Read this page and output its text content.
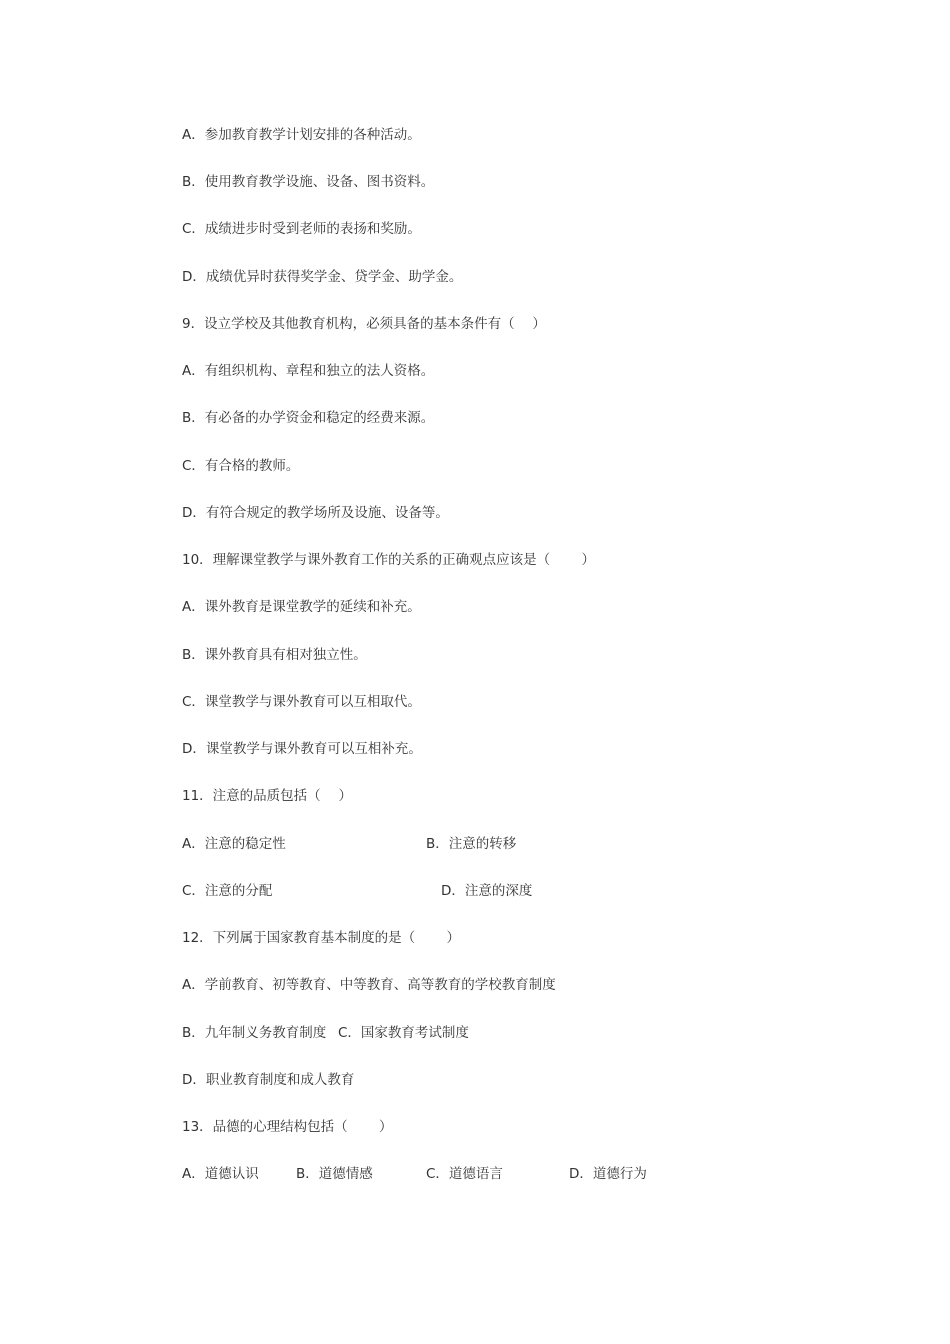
A．参加教育教学计划安排的各种活动。
B．使用教育教学设施、设备、图书资料。
C．成绩进步时受到老师的表扬和奖励。
D．成绩优异时获得奖学金、贷学金、助学金。
9．设立学校及其他教育机构，必须具备的基本条件有（　 ）
A．有组织机构、章程和独立的法人资格。
B．有必备的办学资金和稳定的经费来源。
C．有合格的教师。
D．有符合规定的教学场所及设施、设备等。
10．理解课堂教学与课外教育工作的关系的正确观点应该是（　　 ）
A．课外教育是课堂教学的延续和补充。
B．课外教育具有相对独立性。
C．课堂教学与课外教育可以互相取代。
D．课堂教学与课外教育可以互相补充。
11．注意的品质包括（　 ）
A．注意的稳定性	B．注意的转移
C．注意的分配	D．注意的深度
12．下列属于国家教育基本制度的是（　　 ）
A．学前教育、初等教育、中等教育、高等教育的学校教育制度
B．九年制义务教育制度 C．国家教育考试制度
D．职业教育制度和成人教育
13．品德的心理结构包括（　　 ）
A．道德认识	B．道德情感	C．道德语言	D．道德行为
